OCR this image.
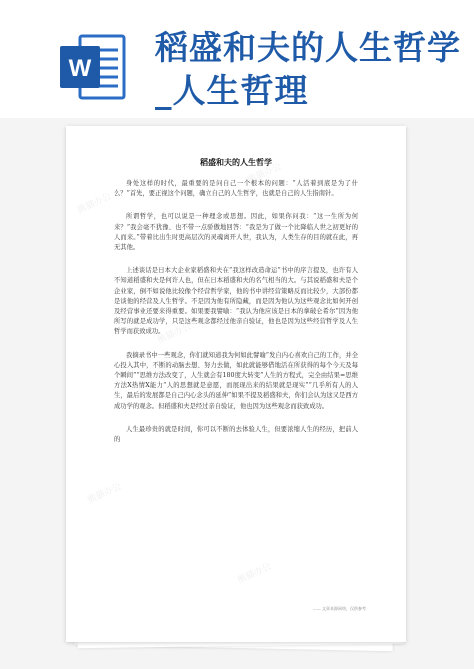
W
稻盛和夫的人生哲学_人生哲理
熊猫办公
熊猫办公
熊猫办公
熊猫办公
熊猫办公
熊猫办公
稻盛和夫的人生哲学

身处这样的时代，最重要的是问自己一个根本的问题：“人活着到底是为了什么？”首先，要正视这个问题，确立自己的人生哲学，也就是自己的人生指南针。

所谓哲学，也可以说是一种理念或思想。因此，如果你问我：“这一生所为何来？”我会毫不犹豫、也不带一点骄傲地回答：“我是为了做一个比降临人世之初更好的人而来。”带着比出生时更高层次的灵魂离开人世，我认为，人类生存的目的就在此，再无其他。

上述谈话是日本大企业家稻盛和夫在“我这样改造命运”书中的序言提及，也许有人不知道稻盛和夫是何许人也，但在日本稻盛和夫的名气相当的大。与其说稻盛和夫是个企业家，倒不如说他比较像个经营哲学家，他的书中讲经营策略反而比较少，大部份都是谈他的经营及人生哲学。不是因为他有所隐藏，而是因为他认为这些观念比如何开创及经营事业还要来得重要。如果要我譬喻：“我认为他应该是日本的拿破仑希尔”因为他所写的就是成功学，只是这些观念都经过他亲自验证，他也是因为这些经营哲学及人生哲学而获致成功。

我摘录书中一些观念，你们就知道我为何如此譬喻“发自内心喜欢自己的工作，并全心投入其中，不断的动脑去想、努力去做，如此就能够借地活在所获得的每个今天及每个瞬间”“思维方法改变了，人生就会有180度大转变”人生的方程式，完全由结果=思维方法X热情X能力“人的思想就是意愿，而展现出来的结果就是现实”“几乎所有人的人生，最后的发展都是自己内心念头的延伸”如果不提及稻盛和夫，你们会认为这又是西方成功学的观念。但稻盛和夫是经过亲自验证，他也因为这些观念而获致成功。

人生最珍贵的就是时间，你可以不断的去体验人生，但要浓缩人生的经历，把前人的

—— 文章来源网络，仅供参考
